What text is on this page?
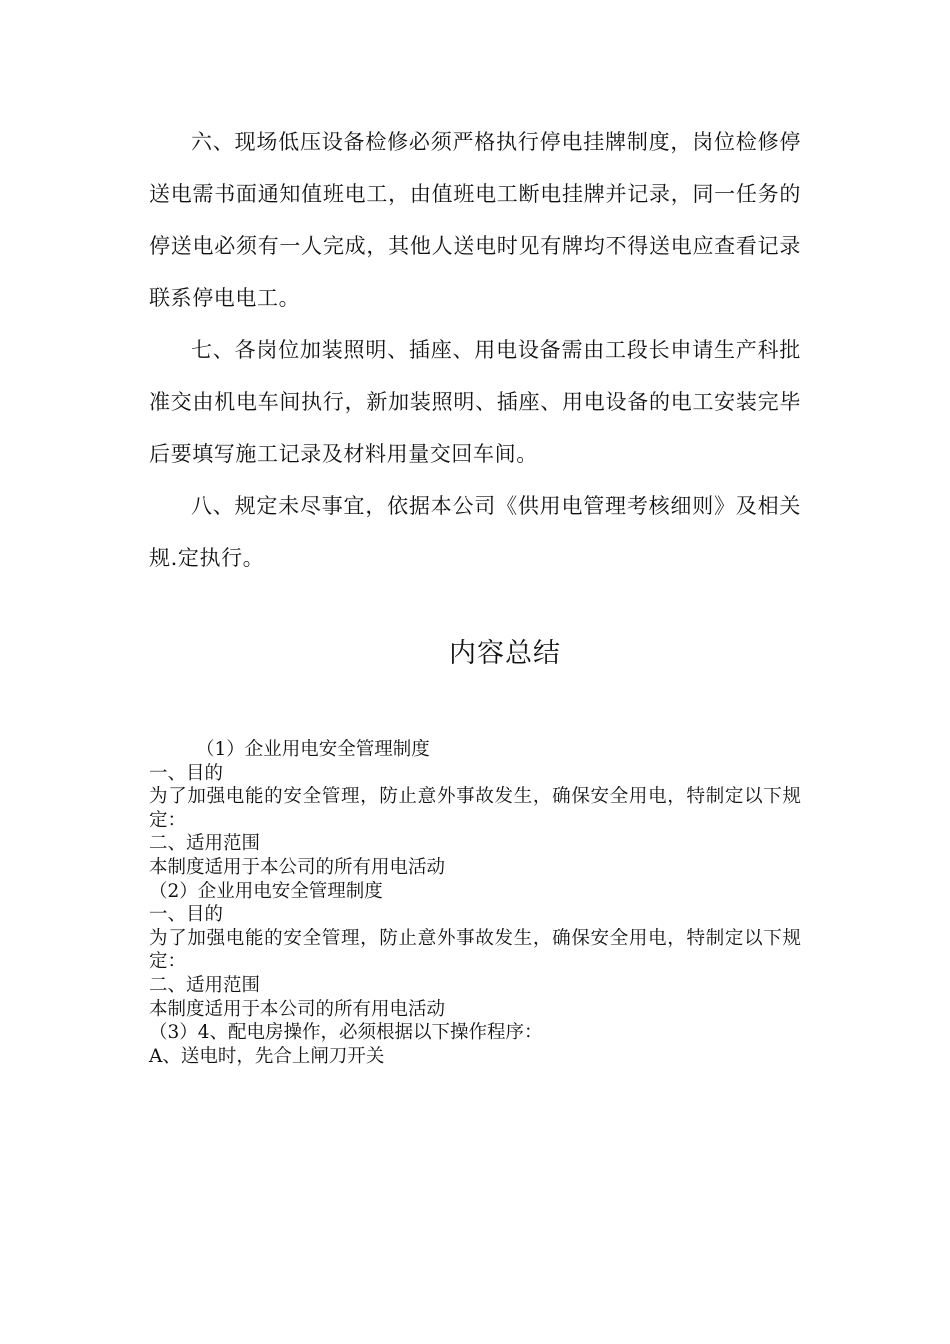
六、现场低压设备检修必须严格执行停电挂牌制度，岗位检修停送电需书面通知值班电工，由值班电工断电挂牌并记录，同一任务的停送电必须有一人完成，其他人送电时见有牌均不得送电应查看记录联系停电电工。

七、各岗位加装照明、插座、用电设备需由工段长申请生产科批准交由机电车间执行，新加装照明、插座、用电设备的电工安装完毕后要填写施工记录及材料用量交回车间。

八、规定未尽事宜，依据本公司《供用电管理考核细则》及相关规.定执行。

内容总结

（1）企业用电安全管理制度

一、目的

为了加强电能的安全管理，防止意外事故发生，确保安全用电，特制定以下规定：

二、适用范围

本制度适用于本公司的所有用电活动

（2）企业用电安全管理制度

一、目的

为了加强电能的安全管理，防止意外事故发生，确保安全用电，特制定以下规定：

二、适用范围

本制度适用于本公司的所有用电活动

（3）4、配电房操作，必须根据以下操作程序：

A、送电时，先合上闸刀开关
